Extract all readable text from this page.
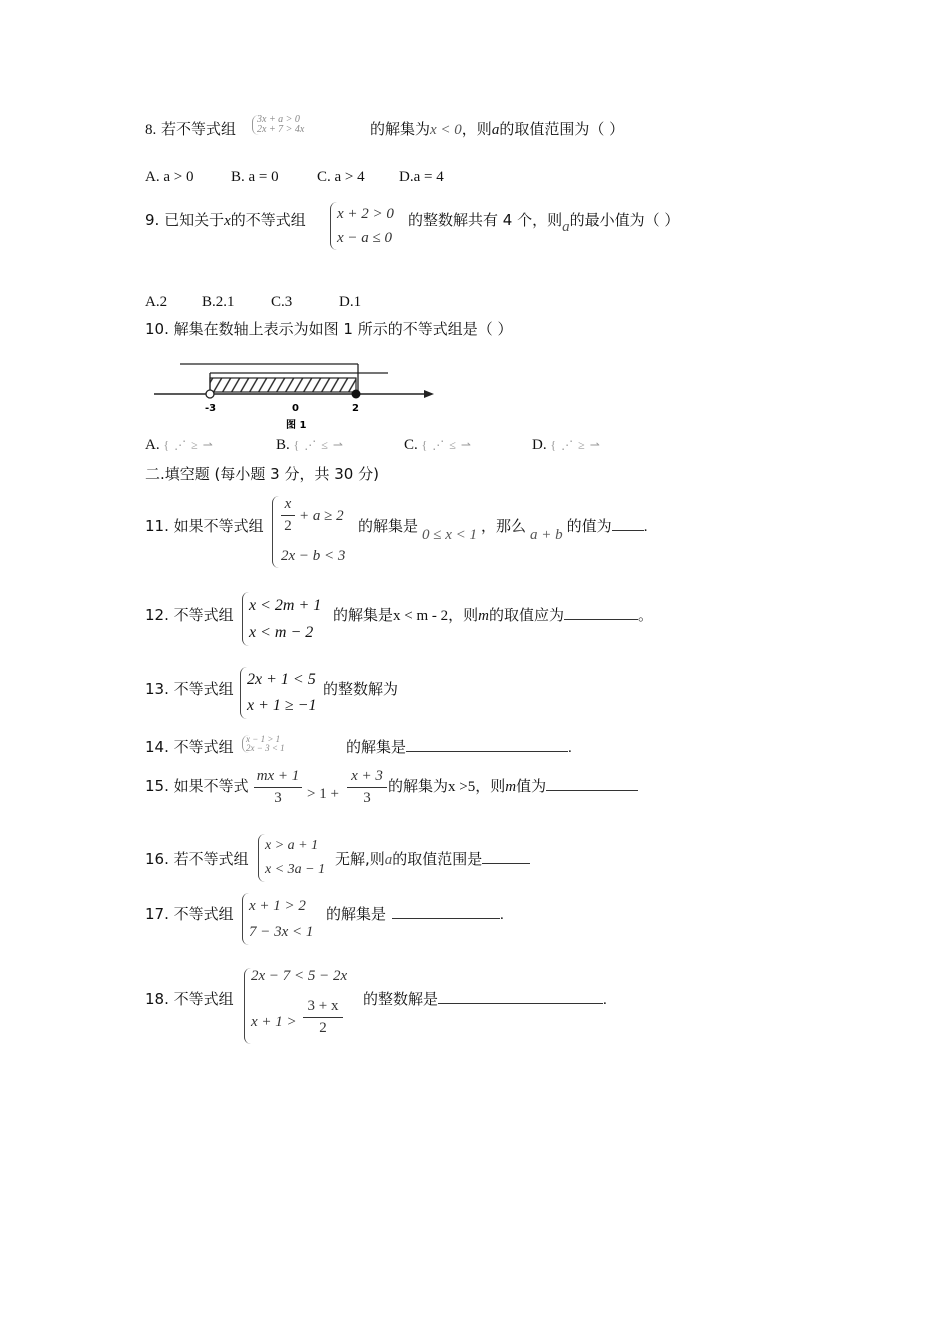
8. 若不等式组
3x + a > 0
2x + 7 > 4x	的解集为x < 0，则a的取值范围为（ ）
A. a > 0	B. a = 0	C. a > 4 D.a = 4
9. 已知关于x的不等式组 x + 2 > 0
x − a ≤ 0
的整数解共有 4 个，则a的最小值为（ ）
A.2 B.2.1 C.3	D.1
10. 解集在数轴上表示为如图 1 所示的不等式组是（ ）
-3	0	2
图 1
A. { ⋰ ≥ ⇀	B. { ⋰ ≤ ⇀	C. { ⋰ ≤ ⇀	D. { ⋰ ≥ ⇀
二.填空题 (每小题 3 分，共 30 分)
11. 如果不等式组
x
2
+ a ≥ 2
2x − b < 3
的解集是 0 ≤ x < 1 ，那么 a + b 的值为 .
12. 不等式组
x < 2m + 1
x < m − 2
的解集是x < m - 2，则m的取值应为	。
13. 不等式组
2x + 1 < 5
x + 1 ≥ −1
的整数解为
14. 不等式组 x − 1 > 1
2x − 3 < 1	的解集是	.
15. 如果不等式
mx + 1
3	> 1 +
x + 3
3
的解集为x >5，则m值为
16. 若不等式组
x > a + 1
x < 3a − 1
无解,则a的取值范围是
17. 不等式组 x + 1 > 2
7 − 3x < 1
的解集是	.
18. 不等式组
2x − 7 < 5 − 2x
x + 1 >
3 + x
2
的整数解是	.
